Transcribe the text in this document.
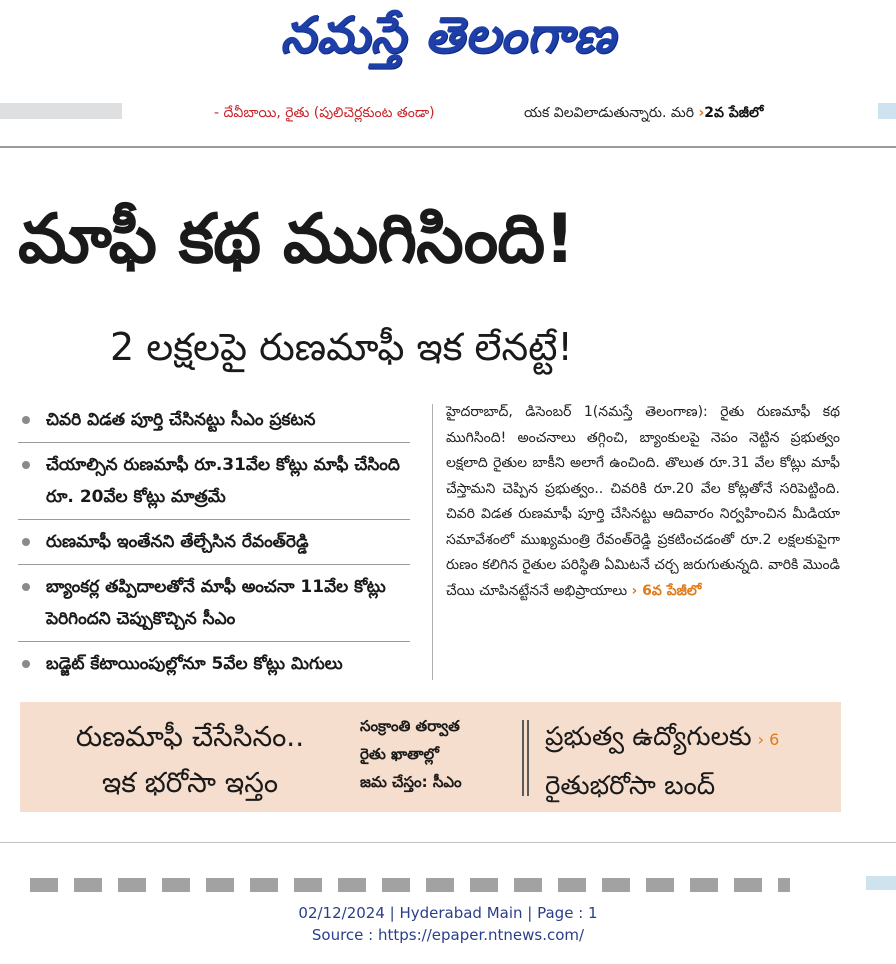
నమస్తే తెలంగాణ
- దేవీబాయి, రైతు (పులిచెర్లకుంట తండా)	యక విలవిలాడుతున్నారు. మరి ›2వ పేజీలో
మాఫీ కథ ముగిసింది!
2 లక్షలపై రుణమాఫీ ఇక లేనట్టే!
చివరి విడత పూర్తి చేసినట్టు సీఎం ప్రకటన
చేయాల్సిన రుణమాఫీ రూ.31వేల కోట్లు మాఫీ చేసింది రూ. 20వేల కోట్లు మాత్రమే
రుణమాఫీ ఇంతేనని తేల్చేసిన రేవంత్‌రెడ్డి
బ్యాంకర్ల తప్పిదాలతోనే మాఫీ అంచనా 11వేల కోట్లు పెరిగిందని చెప్పుకొచ్చిన సీఎం
బడ్జెట్ కేటాయింపుల్లోనూ 5వేల కోట్లు మిగులు
హైదరాబాద్, డిసెంబర్ 1(నమస్తే తెలంగాణ): రైతు రుణమాఫీ కథ ముగిసింది! అంచనాలు తగ్గించి, బ్యాంకులపై నెపం నెట్టిన ప్రభుత్వం లక్షలాది రైతుల బాకీని అలాగే ఉంచింది. తొలుత రూ.31 వేల కోట్లు మాఫీ చేస్తామని చెప్పిన ప్రభుత్వం.. చివరికి రూ.20 వేల కోట్లతోనే సరిపెట్టింది. చివరి విడత రుణమాఫీ పూర్తి చేసినట్టు ఆదివారం నిర్వహించిన మీడియా సమావేశంలో ముఖ్యమంత్రి రేవంత్‌రెడ్డి ప్రకటించడంతో రూ.2 లక్షలకుపైగా రుణం కలిగిన రైతుల పరిస్థితి ఏమిటనే చర్చ జరుగుతున్నది. వారికి మొండి చేయి చూపినట్టేననే అభిప్రాయాలు › 6వ పేజీలో
రుణమాఫీ చేసేసినం..
ఇక భరోసా ఇస్తం
సంక్రాంతి తర్వాత
రైతు ఖాతాల్లో
జమ చేస్తం: సీఎం
ప్రభుత్వ ఉద్యోగులకు › 6
రైతుభరోసా బంద్
02/12/2024 | Hyderabad Main | Page : 1
Source : https://epaper.ntnews.com/
